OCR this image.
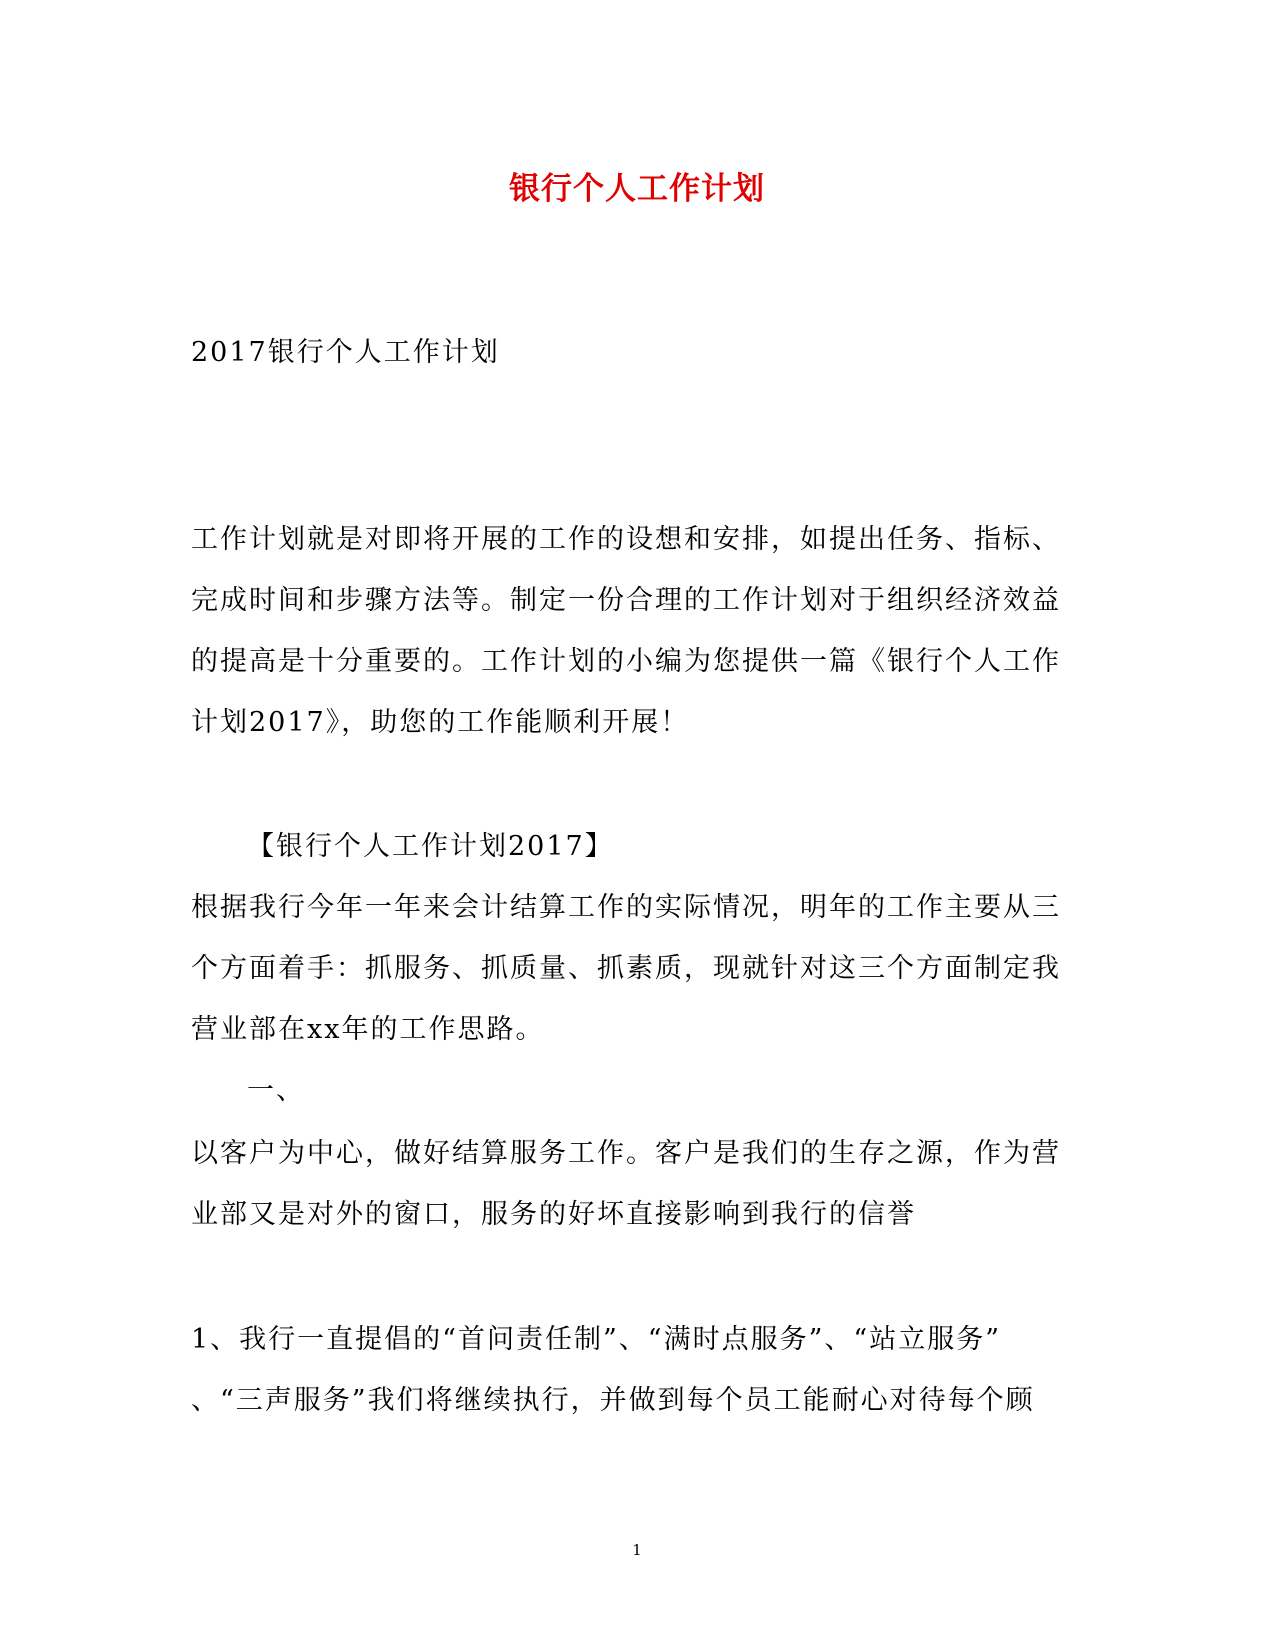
银行个人工作计划
2017银行个人工作计划
工作计划就是对即将开展的工作的设想和安排，如提出任务、指标、
完成时间和步骤方法等。制定一份合理的工作计划对于组织经济效益
的提高是十分重要的。工作计划的小编为您提供一篇《银行个人工作
计划2017》，助您的工作能顺利开展！
【银行个人工作计划2017】
根据我行今年一年来会计结算工作的实际情况，明年的工作主要从三
个方面着手：抓服务、抓质量、抓素质，现就针对这三个方面制定我
营业部在xx年的工作思路。
一、
以客户为中心，做好结算服务工作。客户是我们的生存之源，作为营
业部又是对外的窗口，服务的好坏直接影响到我行的信誉
1、我行一直提倡的“首问责任制”、“满时点服务”、“站立服务”
、“三声服务”我们将继续执行，并做到每个员工能耐心对待每个顾
1
